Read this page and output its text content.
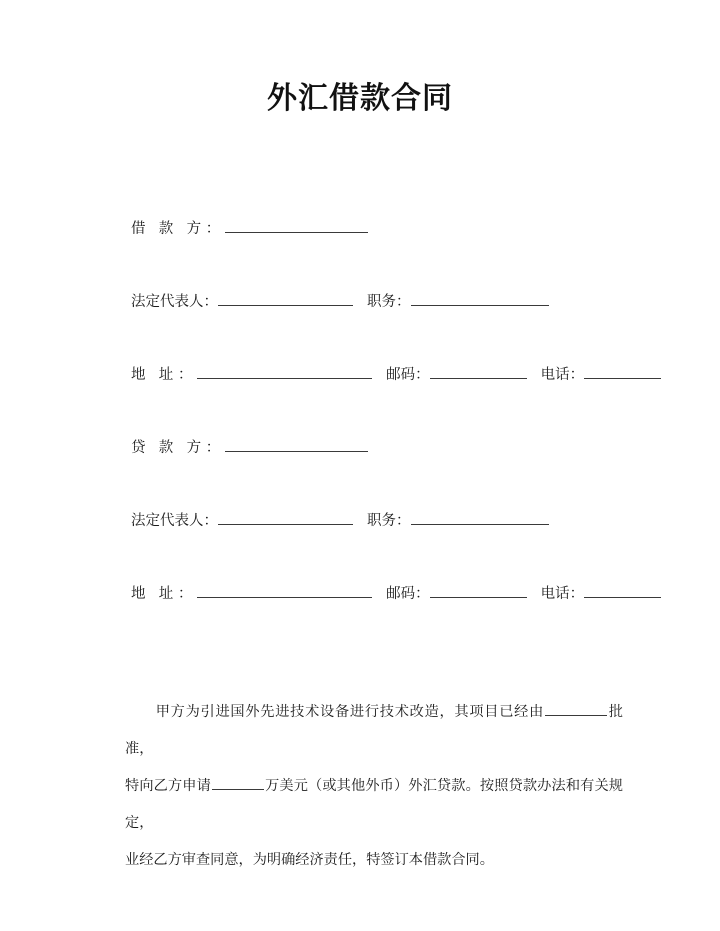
外汇借款合同
借 款 方：
法定代表人：	职务：
地 址：	邮码：	电话：
贷 款 方：
法定代表人：	职务：
地 址：	邮码：	电话：

甲方为引进国外先进技术设备进行技术改造，其项目已经由	批准，

特向乙方申请	万美元（或其他外币）外汇贷款。按照贷款办法和有关规定，

业经乙方审查同意，为明确经济责任，特签订本借款合同。
